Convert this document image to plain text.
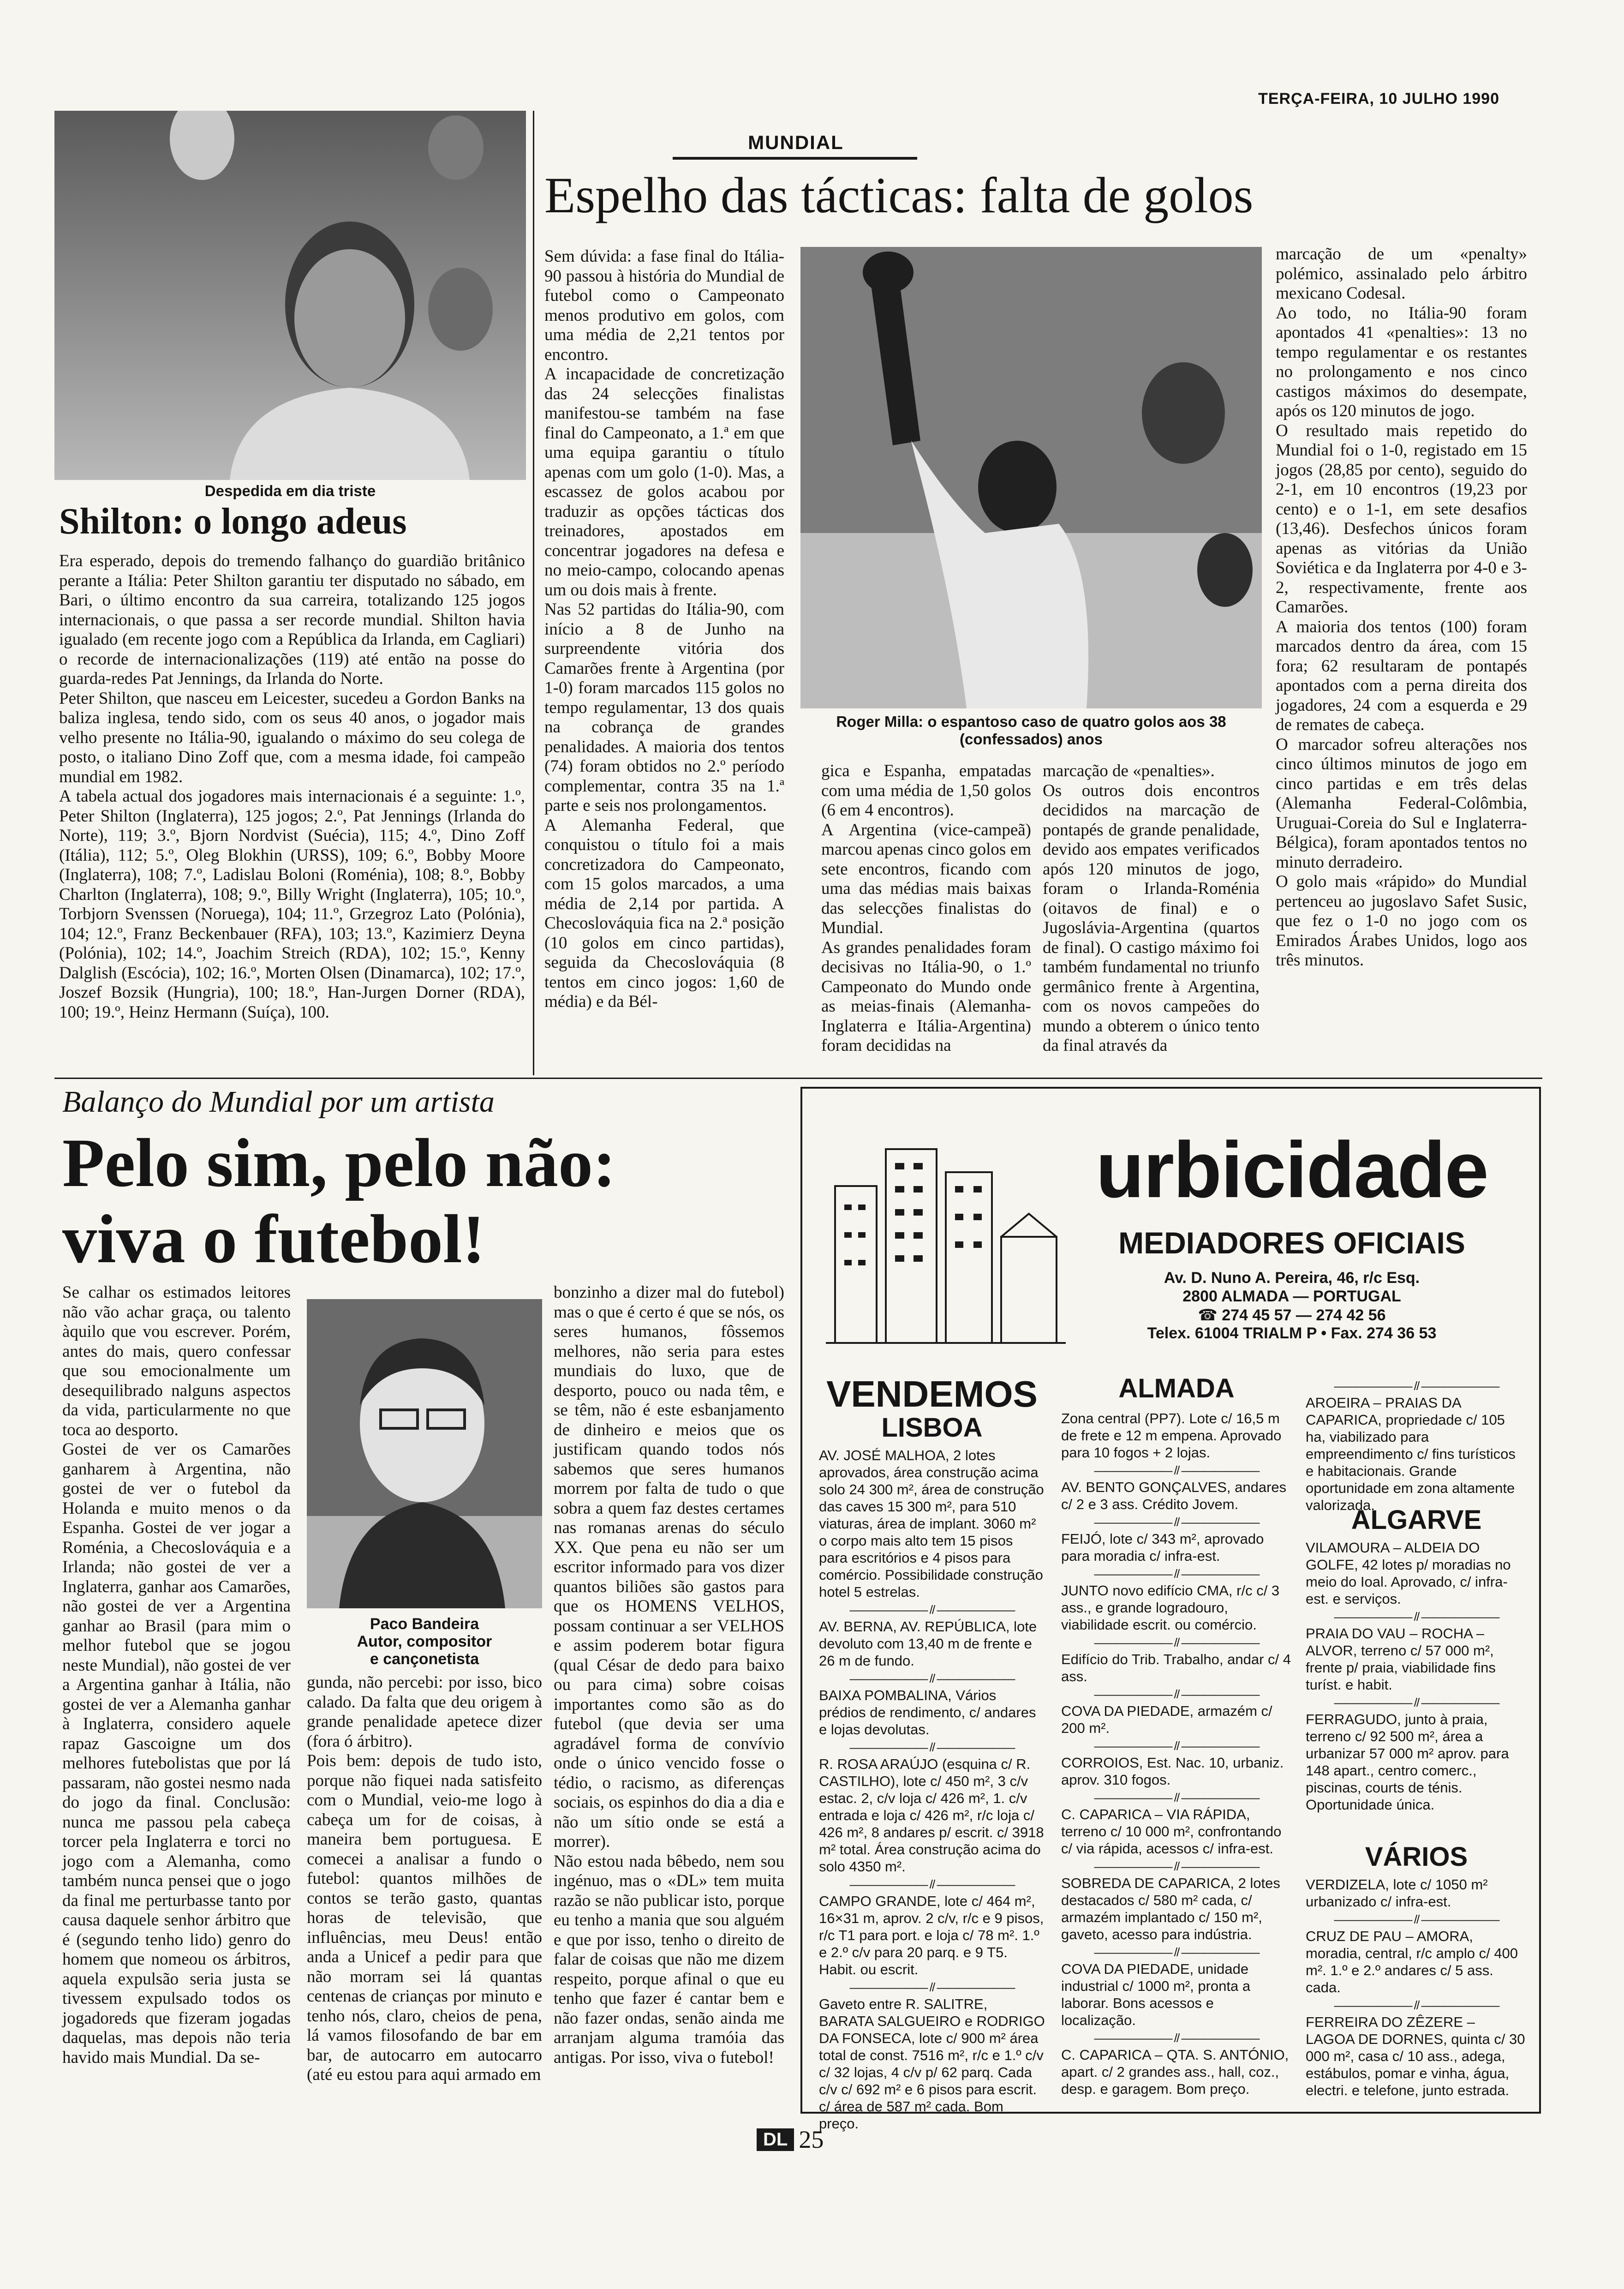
TERÇA-FEIRA, 10 JULHO 1990
Despedida em dia triste
Shilton: o longo adeus

Era esperado, depois do tremendo falhanço do guardião britânico perante a Itália: Peter Shilton garantiu ter disputado no sábado, em Bari, o último encontro da sua carreira, totalizando 125 jogos internacionais, o que passa a ser recorde mundial. Shilton havia igualado (em recente jogo com a República da Irlanda, em Cagliari) o recorde de internacionalizações (119) até então na posse do guarda-redes Pat Jennings, da Irlanda do Norte.
Peter Shilton, que nasceu em Leicester, sucedeu a Gordon Banks na baliza inglesa, tendo sido, com os seus 40 anos, o jogador mais velho presente no Itália-90, igualando o máximo do seu colega de posto, o italiano Dino Zoff que, com a mesma idade, foi campeão mundial em 1982.
A tabela actual dos jogadores mais internacionais é a seguinte: 1.º, Peter Shilton (Inglaterra), 125 jogos; 2.º, Pat Jennings (Irlanda do Norte), 119; 3.º, Bjorn Nordvist (Suécia), 115; 4.º, Dino Zoff (Itália), 112; 5.º, Oleg Blokhin (URSS), 109; 6.º, Bobby Moore (Inglaterra), 108; 7.º, Ladislau Boloni (Roménia), 108; 8.º, Bobby Charlton (Inglaterra), 108; 9.º, Billy Wright (Inglaterra), 105; 10.º, Torbjorn Svenssen (Noruega), 104; 11.º, Grzegroz Lato (Polónia), 104; 12.º, Franz Beckenbauer (RFA), 103; 13.º, Kazimierz Deyna (Polónia), 102; 14.º, Joachim Streich (RDA), 102; 15.º, Kenny Dalglish (Escócia), 102; 16.º, Morten Olsen (Dinamarca), 102; 17.º, Joszef Bozsik (Hungria), 100; 18.º, Han-Jurgen Dorner (RDA), 100; 19.º, Heinz Hermann (Suíça), 100.

MUNDIAL
Espelho das tácticas: falta de golos

Sem dúvida: a fase final do Itália-90 passou à história do Mundial de futebol como o Campeonato menos produtivo em golos, com uma média de 2,21 tentos por encontro.
A incapacidade de concretização das 24 selecções finalistas manifestou-se também na fase final do Campeonato, a 1.ª em que uma equipa garantiu o título apenas com um golo (1-0). Mas, a escassez de golos acabou por traduzir as opções tácticas dos treinadores, apostados em concentrar jogadores na defesa e no meio-campo, colocando apenas um ou dois mais à frente.
Nas 52 partidas do Itália-90, com início a 8 de Junho na surpreendente vitória dos Camarões frente à Argentina (por 1-0) foram marcados 115 golos no tempo regulamentar, 13 dos quais na cobrança de grandes penalidades. A maioria dos tentos (74) foram obtidos no 2.º período complementar, contra 35 na 1.ª parte e seis nos prolongamentos.
A Alemanha Federal, que conquistou o título foi a mais concretizadora do Campeonato, com 15 golos marcados, a uma média de 2,14 por partida. A Checoslováquia fica na 2.ª posição (10 golos em cinco partidas), seguida da Checoslováquia (8 tentos em cinco jogos: 1,60 de média) e da Bél-

Roger Milla: o espantoso caso de quatro golos aos 38
(confessados) anos

gica e Espanha, empatadas com uma média de 1,50 golos (6 em 4 encontros).
A Argentina (vice-campeã) marcou apenas cinco golos em sete encontros, ficando com uma das médias mais baixas das selecções finalistas do Mundial.
As grandes penalidades foram decisivas no Itália-90, o 1.º Campeonato do Mundo onde as meias-finais (Alemanha-Inglaterra e Itália-Argentina) foram decididas na

marcação de «penalties».
Os outros dois encontros decididos na marcação de pontapés de grande penalidade, devido aos empates verificados após 120 minutos de jogo, foram o Irlanda-Roménia (oitavos de final) e o Jugoslávia-Argentina (quartos de final). O castigo máximo foi também fundamental no triunfo germânico frente à Argentina, com os novos campeões do mundo a obterem o único tento da final através da

marcação de um «penalty» polémico, assinalado pelo árbitro mexicano Codesal.
Ao todo, no Itália-90 foram apontados 41 «penalties»: 13 no tempo regulamentar e os restantes no prolongamento e nos cinco castigos máximos do desempate, após os 120 minutos de jogo.
O resultado mais repetido do Mundial foi o 1-0, registado em 15 jogos (28,85 por cento), seguido do 2-1, em 10 encontros (19,23 por cento) e o 1-1, em sete desafios (13,46). Desfechos únicos foram apenas as vitórias da União Soviética e da Inglaterra por 4-0 e 3-2, respectivamente, frente aos Camarões.
A maioria dos tentos (100) foram marcados dentro da área, com 15 fora; 62 resultaram de pontapés apontados com a perna direita dos jogadores, 24 com a esquerda e 29 de remates de cabeça.
O marcador sofreu alterações nos cinco últimos minutos de jogo em cinco partidas e em três delas (Alemanha Federal-Colômbia, Uruguai-Coreia do Sul e Inglaterra-Bélgica), foram apontados tentos no minuto derradeiro.
O golo mais «rápido» do Mundial pertenceu ao jugoslavo Safet Susic, que fez o 1-0 no jogo com os Emirados Árabes Unidos, logo aos três minutos.

Balanço do Mundial por um artista
Pelo sim, pelo não:
viva o futebol!

Se calhar os estimados leitores não vão achar graça, ou talento àquilo que vou escrever. Porém, antes do mais, quero confessar que sou emocionalmente um desequilibrado nalguns aspectos da vida, particularmente no que toca ao desporto.
Gostei de ver os Camarões ganharem à Argentina, não gostei de ver o futebol da Holanda e muito menos o da Espanha. Gostei de ver jogar a Roménia, a Checoslováquia e a Irlanda; não gostei de ver a Inglaterra, ganhar aos Camarões, não gostei de ver a Argentina ganhar ao Brasil (para mim o melhor futebol que se jogou neste Mundial), não gostei de ver a Argentina ganhar à Itália, não gostei de ver a Alemanha ganhar à Inglaterra, considero aquele rapaz Gascoigne um dos melhores futebolistas que por lá passaram, não gostei nesmo nada do jogo da final. Conclusão: nunca me passou pela cabeça torcer pela Inglaterra e torci no jogo com a Alemanha, como também nunca pensei que o jogo da final me perturbasse tanto por causa daquele senhor árbitro que é (segundo tenho lido) genro do homem que nomeou os árbitros, aquela expulsão seria justa se tivessem expulsado todos os jogadoreds que fizeram jogadas daquelas, mas depois não teria havido mais Mundial. Da se-

Paco Bandeira
Autor, compositor
e cançonetista

gunda, não percebi: por isso, bico calado. Da falta que deu origem à grande penalidade apetece dizer (fora ó árbitro).
Pois bem: depois de tudo isto, porque não fiquei nada satisfeito com o Mundial, veio-me logo à cabeça um for de coisas, à maneira bem portuguesa. E comecei a analisar a fundo o futebol: quantos milhões de contos se terão gasto, quantas horas de televisão, que influências, meu Deus! então anda a Unicef a pedir para que não morram sei lá quantas centenas de crianças por minuto e tenho nós, claro, cheios de pena, lá vamos filosofando de bar em bar, de autocarro em autocarro (até eu estou para aqui armado em

bonzinho a dizer mal do futebol) mas o que é certo é que se nós, os seres humanos, fôssemos melhores, não seria para estes mundiais do luxo, que de desporto, pouco ou nada têm, e se têm, não é este esbanjamento de dinheiro e meios que os justificam quando todos nós sabemos que seres humanos morrem por falta de tudo o que sobra a quem faz destes certames nas romanas arenas do século XX. Que pena eu não ser um escritor informado para vos dizer quantos biliões são gastos para que os HOMENS VELHOS, possam continuar a ser VELHOS e assim poderem botar figura (qual César de dedo para baixo ou para cima) sobre coisas importantes como são as do futebol (que devia ser uma agradável forma de convívio onde o único vencido fosse o tédio, o racismo, as diferenças sociais, os espinhos do dia a dia e não um sítio onde se está a morrer).
Não estou nada bêbedo, nem sou ingénuo, mas o «DL» tem muita razão se não publicar isto, porque eu tenho a mania que sou alguém e que por isso, tenho o direito de falar de coisas que não me dizem respeito, porque afinal o que eu tenho que fazer é cantar bem e não fazer ondas, senão ainda me arranjam alguma tramóia das antigas. Por isso, viva o futebol!

urbicidade
MEDIADORES OFICIAIS
Av. D. Nuno A. Pereira, 46, r/c Esq.
2800 ALMADA — PORTUGAL
☎ 274 45 57 — 274 42 56
Telex. 61004 TRIALM P • Fax. 274 36 53
VENDEMOS
LISBOA
AV. JOSÉ MALHOA, 2 lotes aprovados, área construção acima solo 24 300 m², área de construção das caves 15 300 m², para 510 viaturas, área de implant. 3060 m² o corpo mais alto tem 15 pisos para escritórios e 4 pisos para comércio. Possibilidade construção hotel 5 estrelas.
——————— // ———————
AV. BERNA, AV. REPÚBLICA, lote devoluto com 13,40 m de frente e 26 m de fundo.
——————— // ———————
BAIXA POMBALINA, Vários prédios de rendimento, c/ andares e lojas devolutas.
——————— // ———————
R. ROSA ARAÚJO (esquina c/ R. CASTILHO), lote c/ 450 m², 3 c/v estac. 2, c/v loja c/ 426 m², 1. c/v entrada e loja c/ 426 m², r/c loja c/ 426 m², 8 andares p/ escrit. c/ 3918 m² total. Área construção acima do solo 4350 m².
——————— // ———————
CAMPO GRANDE, lote c/ 464 m², 16×31 m, aprov. 2 c/v, r/c e 9 pisos, r/c T1 para port. e loja c/ 78 m². 1.º e 2.º c/v para 20 parq. e 9 T5. Habit. ou escrit.
——————— // ———————
Gaveto entre R. SALITRE, BARATA SALGUEIRO e RODRIGO DA FONSECA, lote c/ 900 m² área total de const. 7516 m², r/c e 1.º c/v c/ 32 lojas, 4 c/v p/ 62 parq. Cada c/v c/ 692 m² e 6 pisos para escrit. c/ área de 587 m² cada. Bom preço.
ALMADA
Zona central (PP7). Lote c/ 16,5 m de frete e 12 m empena. Aprovado para 10 fogos + 2 lojas.
——————— // ———————
AV. BENTO GONÇALVES, andares c/ 2 e 3 ass. Crédito Jovem.
——————— // ———————
FEIJÓ, lote c/ 343 m², aprovado para moradia c/ infra-est.
——————— // ———————
JUNTO novo edifício CMA, r/c c/ 3 ass., e grande logradouro, viabilidade escrit. ou comércio.
——————— // ———————
Edifício do Trib. Trabalho, andar c/ 4 ass.
——————— // ———————
COVA DA PIEDADE, armazém c/ 200 m².
——————— // ———————
CORROIOS, Est. Nac. 10, urbaniz. aprov. 310 fogos.
——————— // ———————
C. CAPARICA – VIA RÁPIDA, terreno c/ 10 000 m², confrontando c/ via rápida, acessos c/ infra-est.
——————— // ———————
SOBREDA DE CAPARICA, 2 lotes destacados c/ 580 m² cada, c/ armazém implantado c/ 150 m², gaveto, acesso para indústria.
——————— // ———————
COVA DA PIEDADE, unidade industrial c/ 1000 m², pronta a laborar. Bons acessos e localização.
——————— // ———————
C. CAPARICA – QTA. S. ANTÓNIO, apart. c/ 2 grandes ass., hall, coz., desp. e garagem. Bom preço.
——————— // ———————
AROEIRA – PRAIAS DA CAPARICA, propriedade c/ 105 ha, viabilizado para empreendimento c/ fins turísticos e habitacionais. Grande oportunidade em zona altamente valorizada.
ALGARVE
VILAMOURA – ALDEIA DO GOLFE, 42 lotes p/ moradias no meio do Ioal. Aprovado, c/ infra-est. e serviços.
——————— // ———————
PRAIA DO VAU – ROCHA – ALVOR, terreno c/ 57 000 m², frente p/ praia, viabilidade fins turíst. e habit.
——————— // ———————
FERRAGUDO, junto à praia, terreno c/ 92 500 m², área a urbanizar 57 000 m² aprov. para 148 apart., centro comerc., piscinas, courts de ténis. Oportunidade única.
VÁRIOS
VERDIZELA, lote c/ 1050 m² urbanizado c/ infra-est.
——————— // ———————
CRUZ DE PAU – AMORA, moradia, central, r/c amplo c/ 400 m². 1.º e 2.º andares c/ 5 ass. cada.
——————— // ———————
FERREIRA DO ZÊZERE – LAGOA DE DORNES, quinta c/ 30 000 m², casa c/ 10 ass., adega, estábulos, pomar e vinha, água, electri. e telefone, junto estrada.
DL 25
